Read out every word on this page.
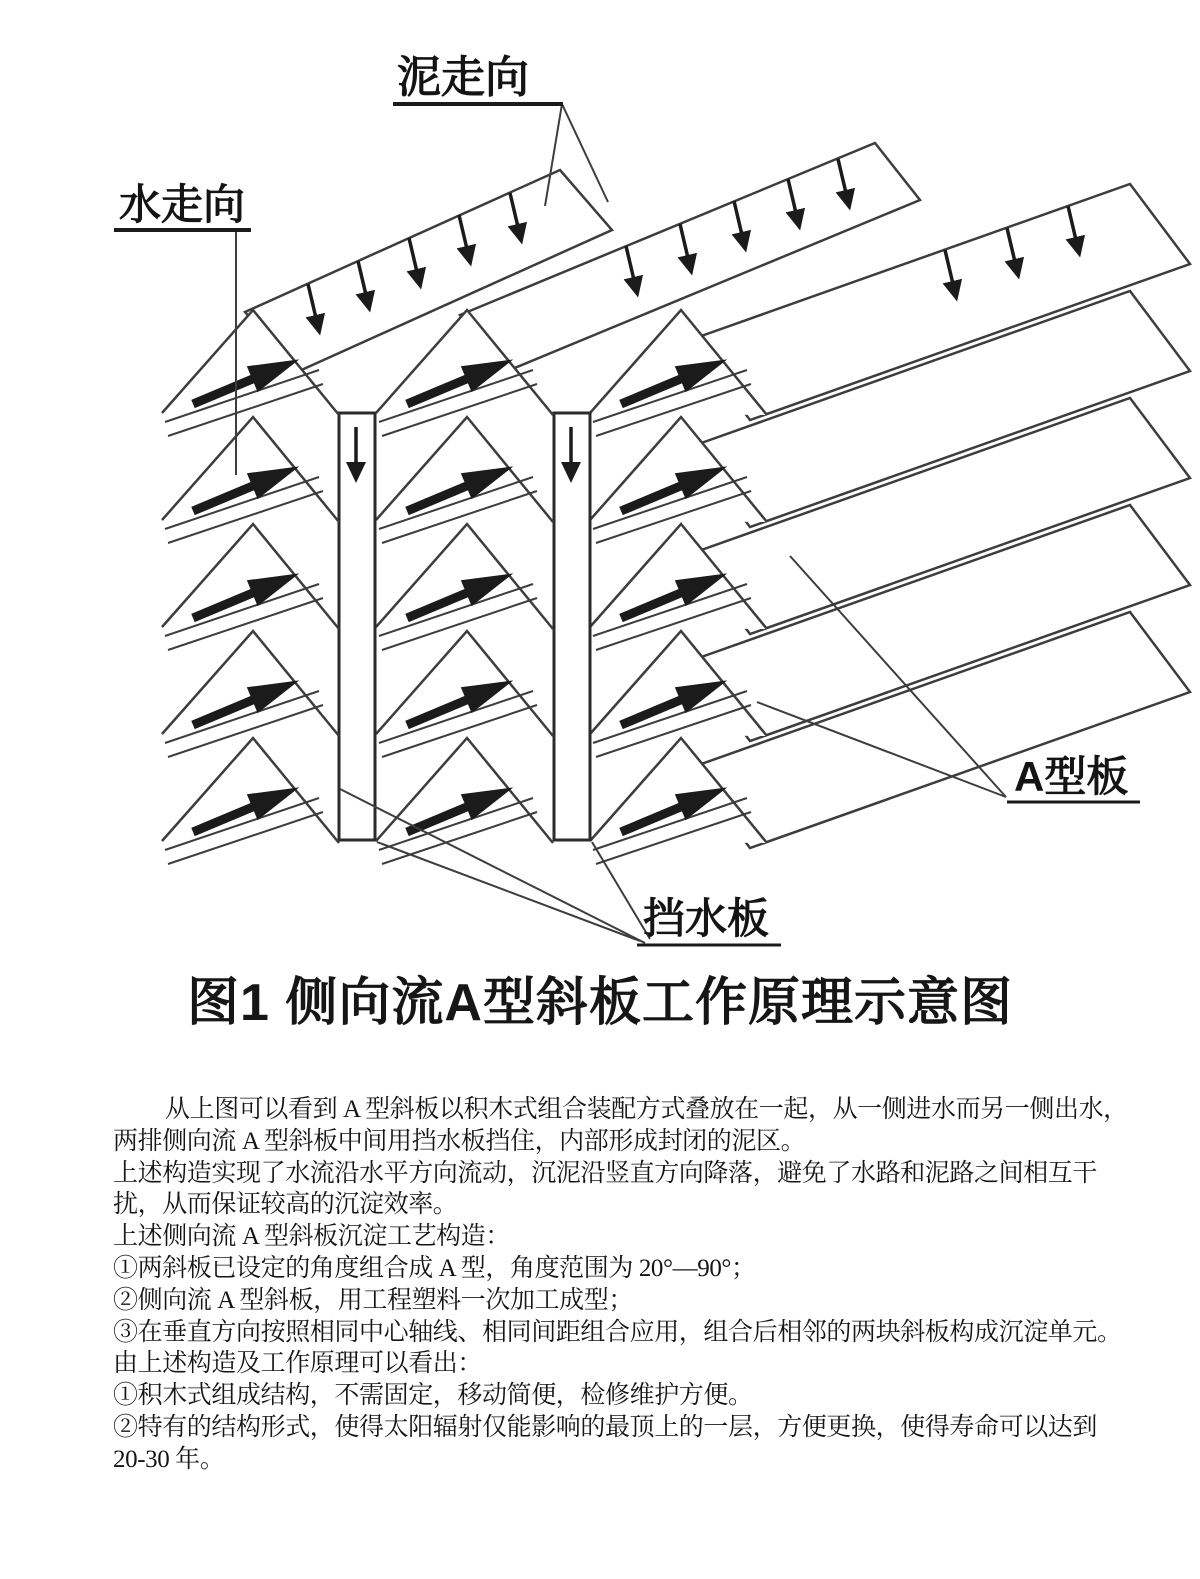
泥走向
水走向
A型板
挡水板
图1 侧向流A型斜板工作原理示意图
从上图可以看到 A 型斜板以积木式组合装配方式叠放在一起，从一侧进水而另一侧出水，
两排侧向流 A 型斜板中间用挡水板挡住，内部形成封闭的泥区。
上述构造实现了水流沿水平方向流动，沉泥沿竖直方向降落，避免了水路和泥路之间相互干
扰，从而保证较高的沉淀效率。
上述侧向流 A 型斜板沉淀工艺构造：
①两斜板已设定的角度组合成 A 型，角度范围为 20°—90°；
②侧向流 A 型斜板，用工程塑料一次加工成型；
③在垂直方向按照相同中心轴线、相同间距组合应用，组合后相邻的两块斜板构成沉淀单元。
由上述构造及工作原理可以看出：
①积木式组成结构，不需固定，移动简便，检修维护方便。
②特有的结构形式，使得太阳辐射仅能影响的最顶上的一层，方便更换，使得寿命可以达到
20-30 年。
